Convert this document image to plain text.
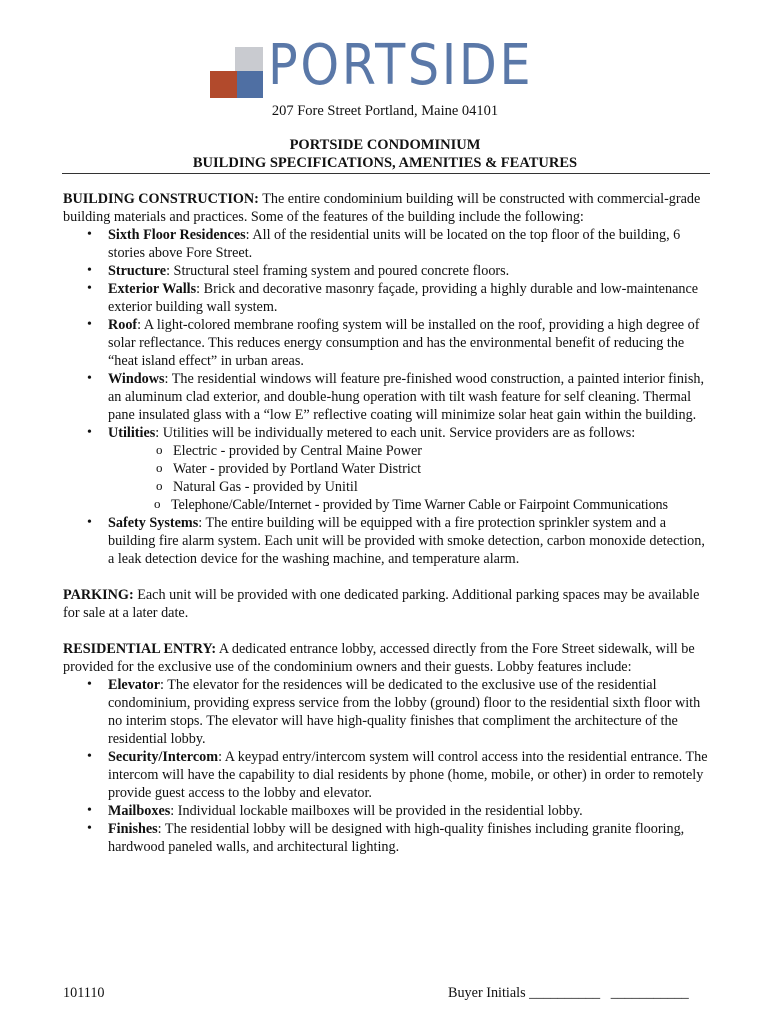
PORTSIDE
207 Fore Street Portland, Maine 04101
PORTSIDE CONDOMINIUM
BUILDING SPECIFICATIONS, AMENITIES & FEATURES

BUILDING CONSTRUCTION: The entire condominium building will be constructed with commercial-grade building materials and practices. Some of the features of the building include the following:

• Sixth Floor Residences: All of the residential units will be located on the top floor of the building, 6 stories above Fore Street.
• Structure: Structural steel framing system and poured concrete floors.
• Exterior Walls: Brick and decorative masonry façade, providing a highly durable and low-maintenance exterior building wall system.
• Roof: A light-colored membrane roofing system will be installed on the roof, providing a high degree of solar reflectance. This reduces energy consumption and has the environmental benefit of reducing the “heat island effect” in urban areas.
• Windows: The residential windows will feature pre-finished wood construction, a painted interior finish, an aluminum clad exterior, and double-hung operation with tilt wash feature for self cleaning. Thermal pane insulated glass with a “low E” reflective coating will minimize solar heat gain within the building.
• Utilities: Utilities will be individually metered to each unit. Service providers are as follows:
o Electric - provided by Central Maine Power
o Water - provided by Portland Water District
o Natural Gas - provided by Unitil
o Telephone/Cable/Internet - provided by Time Warner Cable or Fairpoint Communications
• Safety Systems: The entire building will be equipped with a fire protection sprinkler system and a building fire alarm system. Each unit will be provided with smoke detection, carbon monoxide detection, a leak detection device for the washing machine, and temperature alarm.

PARKING: Each unit will be provided with one dedicated parking. Additional parking spaces may be available for sale at a later date.

RESIDENTIAL ENTRY: A dedicated entrance lobby, accessed directly from the Fore Street sidewalk, will be provided for the exclusive use of the condominium owners and their guests. Lobby features include:

• Elevator: The elevator for the residences will be dedicated to the exclusive use of the residential condominium, providing express service from the lobby (ground) floor to the residential sixth floor with no interim stops. The elevator will have high-quality finishes that compliment the architecture of the residential lobby.
• Security/Intercom: A keypad entry/intercom system will control access into the residential entrance. The intercom will have the capability to dial residents by phone (home, mobile, or other) in order to remotely provide guest access to the lobby and elevator.
• Mailboxes: Individual lockable mailboxes will be provided in the residential lobby.
• Finishes: The residential lobby will be designed with high-quality finishes including granite flooring, hardwood paneled walls, and architectural lighting.
101110	Buyer Initials __________   ___________
